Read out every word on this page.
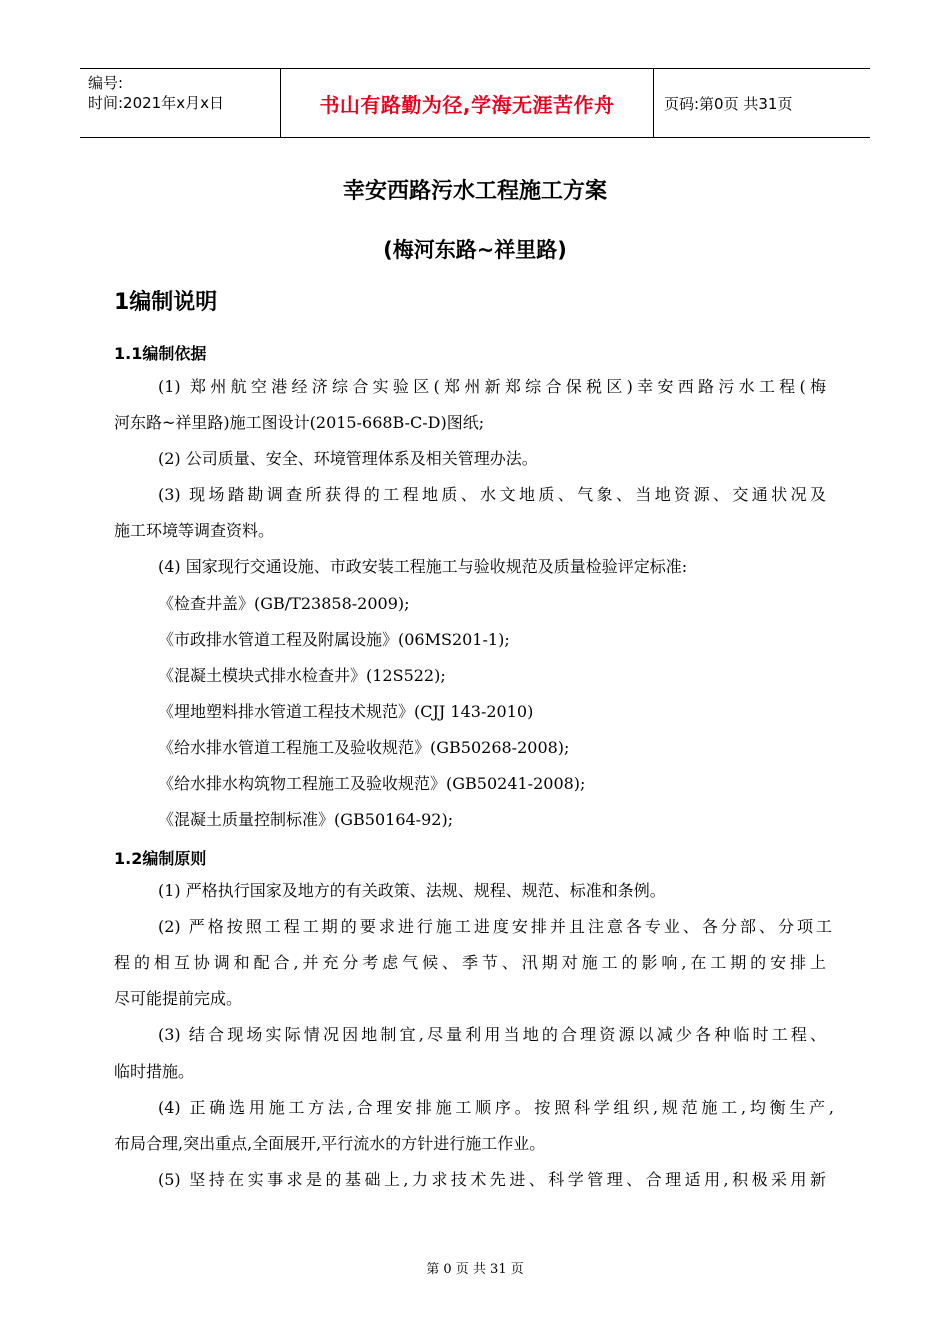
编号:
时间:2021年x月x日	书山有路勤为径,学海无涯苦作舟	页码:第0页 共31页
幸安西路污水工程施工方案
(梅河东路~祥里路)
1编制说明
1.1编制依据
(1) 郑州航空港经济综合实验区(郑州新郑综合保税区)幸安西路污水工程(梅
河东路~祥里路)施工图设计(2015-668B-C-D)图纸;
(2) 公司质量、安全、环境管理体系及相关管理办法。
(3) 现场踏勘调查所获得的工程地质、水文地质、气象、当地资源、交通状况及
施工环境等调查资料。
(4) 国家现行交通设施、市政安装工程施工与验收规范及质量检验评定标准:
《检查井盖》(GB/T23858-2009);
《市政排水管道工程及附属设施》(06MS201-1);
《混凝土模块式排水检查井》(12S522);
《埋地塑料排水管道工程技术规范》(CJJ 143-2010)
《给水排水管道工程施工及验收规范》(GB50268-2008);
《给水排水构筑物工程施工及验收规范》(GB50241-2008);
《混凝土质量控制标准》(GB50164-92);
1.2编制原则
(1) 严格执行国家及地方的有关政策、法规、规程、规范、标准和条例。
(2) 严格按照工程工期的要求进行施工进度安排并且注意各专业、各分部、分项工
程的相互协调和配合,并充分考虑气候、季节、汛期对施工的影响,在工期的安排上
尽可能提前完成。
(3) 结合现场实际情况因地制宜,尽量利用当地的合理资源以减少各种临时工程、
临时措施。
(4) 正确选用施工方法,合理安排施工顺序。按照科学组织,规范施工,均衡生产,
布局合理,突出重点,全面展开,平行流水的方针进行施工作业。
(5) 坚持在实事求是的基础上,力求技术先进、科学管理、合理适用,积极采用新
第 0 页 共 31 页
